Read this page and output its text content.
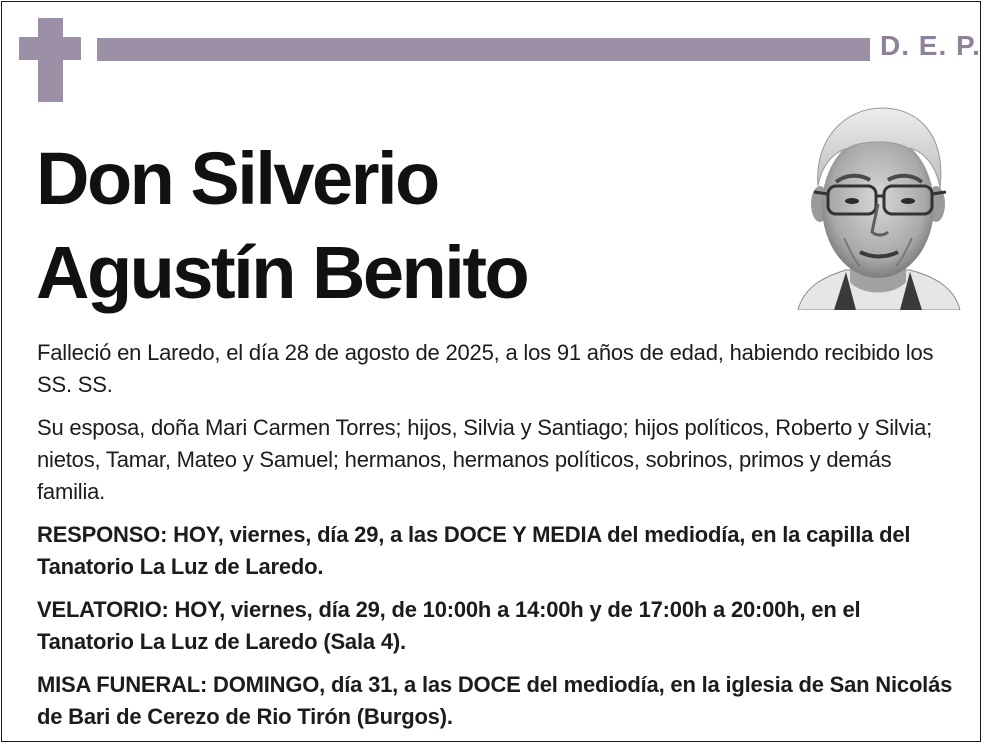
D. E. P.
Don Silverio
Agustín Benito

Falleció en Laredo, el día 28 de agosto de 2025, a los 91 años de edad, habiendo recibido los SS. SS.

Su esposa, doña Mari Carmen Torres; hijos, Silvia y Santiago; hijos políticos, Roberto y Silvia; nietos, Tamar, Mateo y Samuel; hermanos, hermanos políticos, sobrinos, primos y demás familia.

RESPONSO: HOY, viernes, día 29, a las DOCE Y MEDIA del mediodía, en la capilla del Tanatorio La Luz de Laredo.

VELATORIO: HOY, viernes, día 29, de 10:00h a 14:00h y de 17:00h a 20:00h, en el Tanatorio La Luz de Laredo (Sala 4).

MISA FUNERAL: DOMINGO, día 31, a las DOCE del mediodía, en la iglesia de San Nicolás de Bari de Cerezo de Rio Tirón (Burgos).
